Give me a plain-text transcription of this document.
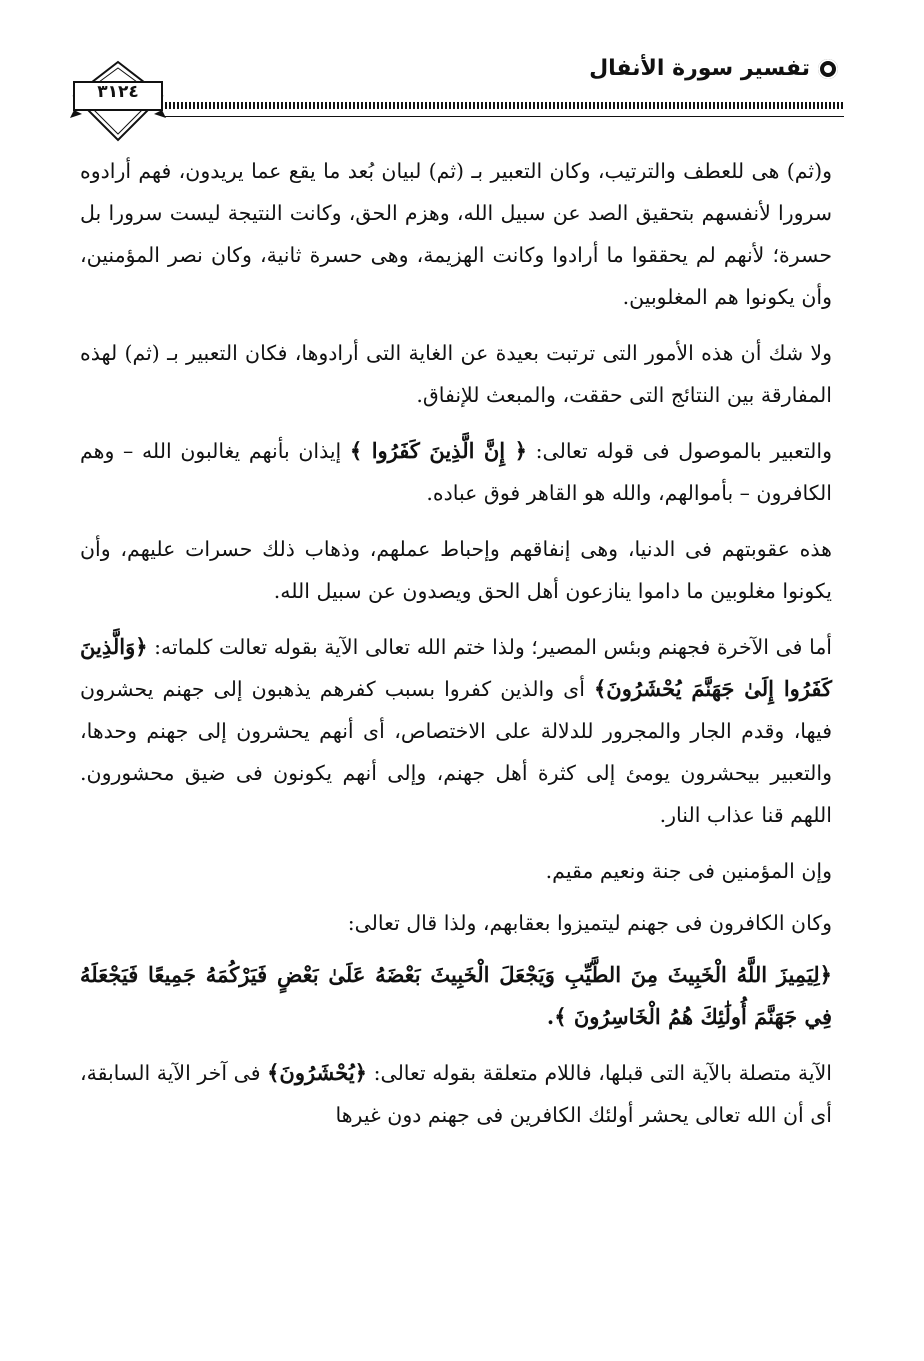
تفسير سورة الأنفال
٣١٢٤

و(ثم) هى للعطف والترتيب، وكان التعبير بـ (ثم) لبيان بُعد ما يقع عما يريدون، فهم أرادوه سرورا لأنفسهم بتحقيق الصد عن سبيل الله، وهزم الحق، وكانت النتيجة ليست سرورا بل حسرة؛ لأنهم لم يحققوا ما أرادوا وكانت الهزيمة، وهى حسرة ثانية، وكان نصر المؤمنين، وأن يكونوا هم المغلوبين.

ولا شك أن هذه الأمور التى ترتبت بعيدة عن الغاية التى أرادوها، فكان التعبير بـ (ثم) لهذه المفارقة بين النتائج التى حققت، والمبعث للإنفاق.

والتعبير بالموصول فى قوله تعالى: ﴿ إِنَّ الَّذِينَ كَفَرُوا ﴾ إيذان بأنهم يغالبون الله – وهم الكافرون – بأموالهم، والله هو القاهر فوق عباده.

هذه عقوبتهم فى الدنيا، وهى إنفاقهم وإحباط عملهم، وذهاب ذلك حسرات عليهم، وأن يكونوا مغلوبين ما داموا ينازعون أهل الحق ويصدون عن سبيل الله.

أما فى الآخرة فجهنم وبئس المصير؛ ولذا ختم الله تعالى الآية بقوله تعالت كلماته: ﴿وَالَّذِينَ كَفَرُوا إِلَىٰ جَهَنَّمَ يُحْشَرُونَ﴾ أى والذين كفروا بسبب كفرهم يذهبون إلى جهنم يحشرون فيها، وقدم الجار والمجرور للدلالة على الاختصاص، أى أنهم يحشرون إلى جهنم وحدها، والتعبير بيحشرون يومئ إلى كثرة أهل جهنم، وإلى أنهم يكونون فى ضيق محشورون. اللهم قنا عذاب النار.

وإن المؤمنين فى جنة ونعيم مقيم.

وكان الكافرون فى جهنم ليتميزوا بعقابهم، ولذا قال تعالى:

﴿لِيَمِيزَ اللَّهُ الْخَبِيثَ مِنَ الطَّيِّبِ وَيَجْعَلَ الْخَبِيثَ بَعْضَهُ عَلَىٰ بَعْضٍ فَيَرْكُمَهُ جَمِيعًا فَيَجْعَلَهُ فِي جَهَنَّمَ أُولَٰئِكَ هُمُ الْخَاسِرُونَ ﴾.

الآية متصلة بالآية التى قبلها، فاللام متعلقة بقوله تعالى: ﴿يُحْشَرُونَ﴾ فى آخر الآية السابقة، أى أن الله تعالى يحشر أولئك الكافرين فى جهنم دون غيرها
